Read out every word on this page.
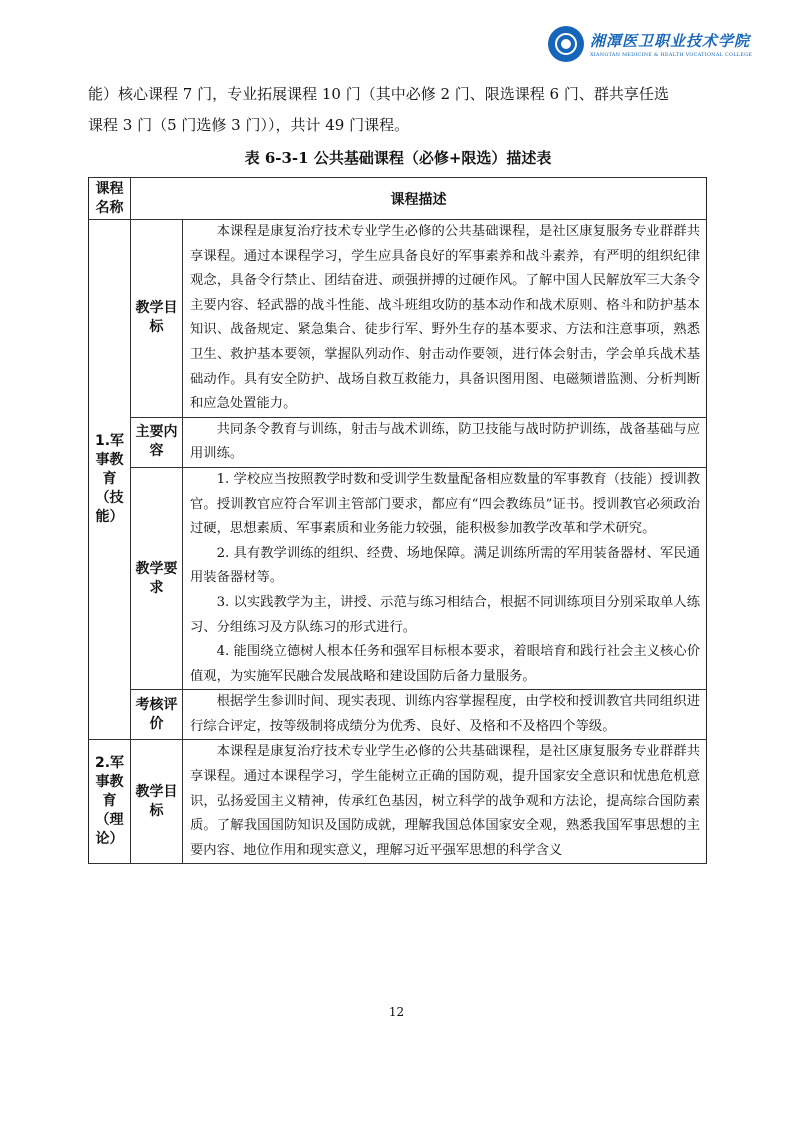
湘潭医卫职业技术学院
XIANGTAN MEDICINE & HEALTH VOCATIONAL COLLEGE
能）核心课程 7 门，专业拓展课程 10 门（其中必修 2 门、限选课程 6 门、群共享任选
课程 3 门（5 门选修 3 门）），共计 49 门课程。
表 6-3-1 公共基础课程（必修+限选）描述表
课程名称	课程描述	
1.军事教育（技能）	教学目标	本课程是康复治疗技术专业学生必修的公共基础课程，是社区康复服务专业群群共享课程。通过本课程学习，学生应具备良好的军事素养和战斗素养，有严明的组织纪律观念，具备令行禁止、团结奋进、顽强拼搏的过硬作风。了解中国人民解放军三大条令主要内容、轻武器的战斗性能、战斗班组攻防的基本动作和战术原则、格斗和防护基本知识、战备规定、紧急集合、徒步行军、野外生存的基本要求、方法和注意事项，熟悉卫生、救护基本要领，掌握队列动作、射击动作要领，进行体会射击，学会单兵战术基础动作。具有安全防护、战场自救互救能力，具备识图用图、电磁频谱监测、分析判断和应急处置能力。

	主要内容	共同条令教育与训练，射击与战术训练，防卫技能与战时防护训练，战备基础与应用训练。

	教学要求	1. 学校应当按照教学时数和受训学生数量配备相应数量的军事教育（技能）授训教官。授训教官应符合军训主管部门要求，都应有“四会教练员”证书。授训教官必须政治过硬，思想素质、军事素质和业务能力较强，能积极参加教学改革和学术研究。

2. 具有教学训练的组织、经费、场地保障。满足训练所需的军用装备器材、军民通用装备器材等。

3. 以实践教学为主，讲授、示范与练习相结合，根据不同训练项目分别采取单人练习、分组练习及方队练习的形式进行。

4. 能围绕立德树人根本任务和强军目标根本要求，着眼培育和践行社会主义核心价值观，为实施军民融合发展战略和建设国防后备力量服务。

	考核评价	根据学生参训时间、现实表现、训练内容掌握程度，由学校和授训教官共同组织进行综合评定，按等级制将成绩分为优秀、良好、及格和不及格四个等级。

2.军事教育（理论）	教学目标	本课程是康复治疗技术专业学生必修的公共基础课程，是社区康复服务专业群群共享课程。通过本课程学习，学生能树立正确的国防观，提升国家安全意识和忧患危机意识，弘扬爱国主义精神，传承红色基因，树立科学的战争观和方法论，提高综合国防素质。了解我国国防知识及国防成就，理解我国总体国家安全观，熟悉我国军事思想的主要内容、地位作用和现实意义，理解习近平强军思想的科学含义

12
